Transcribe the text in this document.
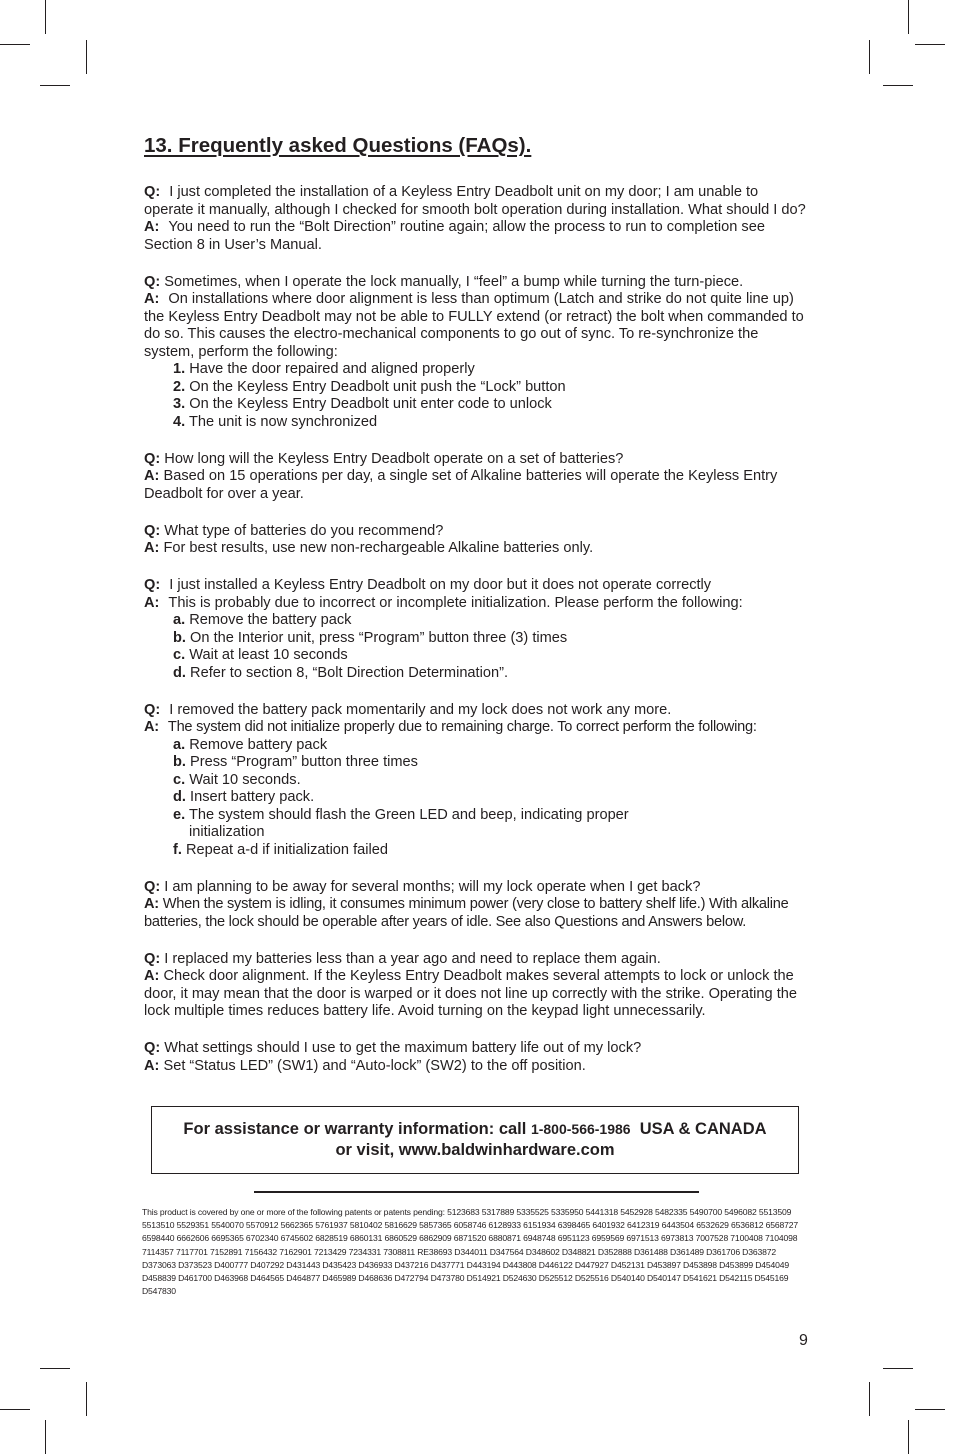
13. Frequently asked Questions (FAQs).
Q: I just completed the installation of a Keyless Entry Deadbolt unit on my door; I am unable to operate it manually, although I checked for smooth bolt operation during installation. What should I do?
A: You need to run the “Bolt Direction” routine again; allow the process to run to completion see Section 8 in User’s Manual.
Q: Sometimes, when I operate the lock manually, I “feel” a bump while turning the turn-piece.
A: On installations where door alignment is less than optimum (Latch and strike do not quite line up) the Keyless Entry Deadbolt may not be able to FULLY extend (or retract) the bolt when commanded to do so. This causes the electro-mechanical components to go out of sync. To re-synchronize the system, perform the following:
1. Have the door repaired and aligned properly
2. On the Keyless Entry Deadbolt unit push the “Lock” button
3. On the Keyless Entry Deadbolt unit enter code to unlock
4. The unit is now synchronized
Q: How long will the Keyless Entry Deadbolt operate on a set of batteries?
A: Based on 15 operations per day, a single set of Alkaline batteries will operate the Keyless Entry Deadbolt for over a year.
Q: What type of batteries do you recommend?
A: For best results, use new non-rechargeable Alkaline batteries only.
Q: I just installed a Keyless Entry Deadbolt on my door but it does not operate correctly
A: This is probably due to incorrect or incomplete initialization. Please perform the following:
a. Remove the battery pack
b. On the Interior unit, press “Program” button three (3) times
c. Wait at least 10 seconds
d. Refer to section 8, “Bolt Direction Determination”.
Q: I removed the battery pack momentarily and my lock does not work any more.
A: The system did not initialize properly due to remaining charge. To correct perform the following:
a. Remove battery pack
b. Press “Program” button three times
c. Wait 10 seconds.
d. Insert battery pack.
e. The system should flash the Green LED and beep, indicating proper
initialization
f. Repeat a-d if initialization failed
Q: I am planning to be away for several months; will my lock operate when I get back?
A: When the system is idling, it consumes minimum power (very close to battery shelf life.) With alkaline batteries, the lock should be operable after years of idle. See also Questions and Answers below.
Q: I replaced my batteries less than a year ago and need to replace them again.
A: Check door alignment. If the Keyless Entry Deadbolt makes several attempts to lock or unlock the door, it may mean that the door is warped or it does not line up correctly with the strike. Operating the lock multiple times reduces battery life. Avoid turning on the keypad light unnecessarily.
Q: What settings should I use to get the maximum battery life out of my lock?
A: Set “Status LED” (SW1) and “Auto-lock” (SW2) to the off position.
For assistance or warranty information: call 1-800-566-1986  USA & CANADA
or visit, www.baldwinhardware.com
This product is covered by one or more of the following patents or patents pending: 5123683 5317889 5335525 5335950 5441318 5452928 5482335 5490700 5496082 5513509 5513510 5529351 5540070 5570912 5662365 5761937 5810402 5816629 5857365 6058746 6128933 6151934 6398465 6401932 6412319 6443504 6532629 6536812 6568727 6598440 6662606 6695365 6702340 6745602 6828519 6860131 6860529 6862909 6871520 6880871 6948748 6951123 6959569 6971513 6973813 7007528 7100408 7104098 7114357 7117701 7152891 7156432 7162901 7213429 7234331 7308811 RE38693 D344011 D347564 D348602 D348821 D352888 D361488 D361489 D361706 D363872 D373063 D373523 D400777 D407292 D431443 D435423 D436933 D437216 D437771 D443194 D443808 D446122 D447927 D452131 D453897 D453898 D453899 D454049 D458839 D461700 D463968 D464565 D464877 D465989 D468636 D472794 D473780 D514921 D524630 D525512 D525516 D540140 D540147 D541621 D542115 D545169 D547830
9
